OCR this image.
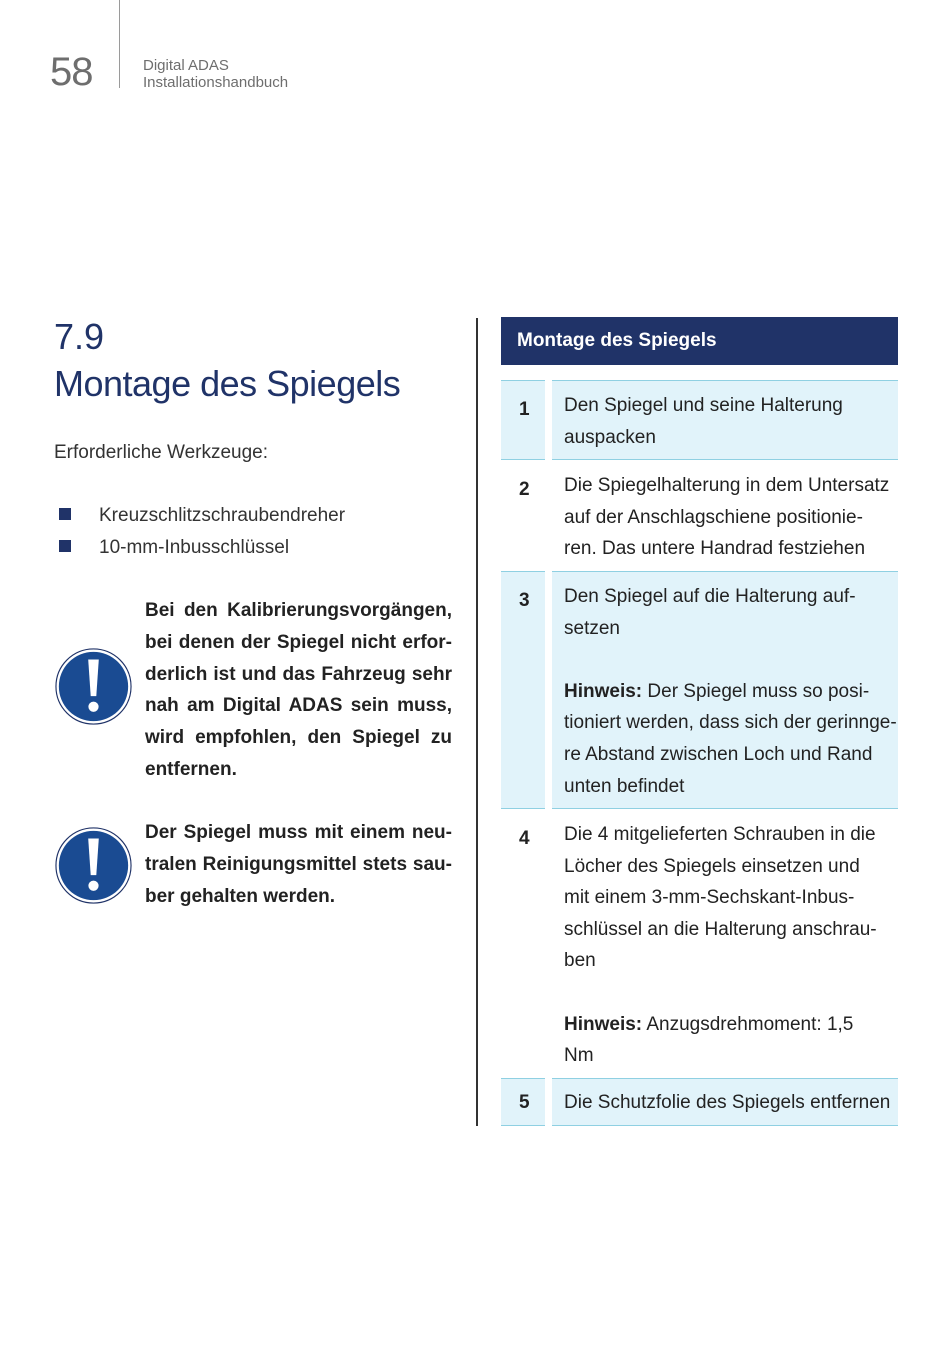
58	Digital ADAS
Installationshandbuch
7.9
Montage des Spiegels
Erforderliche Werkzeuge:
Kreuzschlitzschraubendreher
10-mm-Inbusschlüssel
Bei den Kalibrierungsvorgängen,
bei denen der Spiegel nicht erfor-
derlich ist und das Fahrzeug sehr
nah am Digital ADAS sein muss,
wird empfohlen, den Spiegel zu
entfernen.
Der Spiegel muss mit einem neu-
tralen Reinigungsmittel stets sau-
ber gehalten werden.
Montage des Spiegels
1 Den Spiegel und seine Halterung
auspacken
2 Die Spiegelhalterung in dem Untersatz
auf der Anschlagschiene positionie-
ren. Das untere Handrad festziehen
3 Den Spiegel auf die Halterung auf-
setzen
Hinweis: Der Spiegel muss so posi-
tioniert werden, dass sich der gerinnge-
re Abstand zwischen Loch und Rand
unten befindet
4 Die 4 mitgelieferten Schrauben in die
Löcher des Spiegels einsetzen und
mit einem 3-mm-Sechskant-Inbus-
schlüssel an die Halterung anschrau-
ben
Hinweis: Anzugsdrehmoment: 1,5
Nm
5 Die Schutzfolie des Spiegels entfernen
